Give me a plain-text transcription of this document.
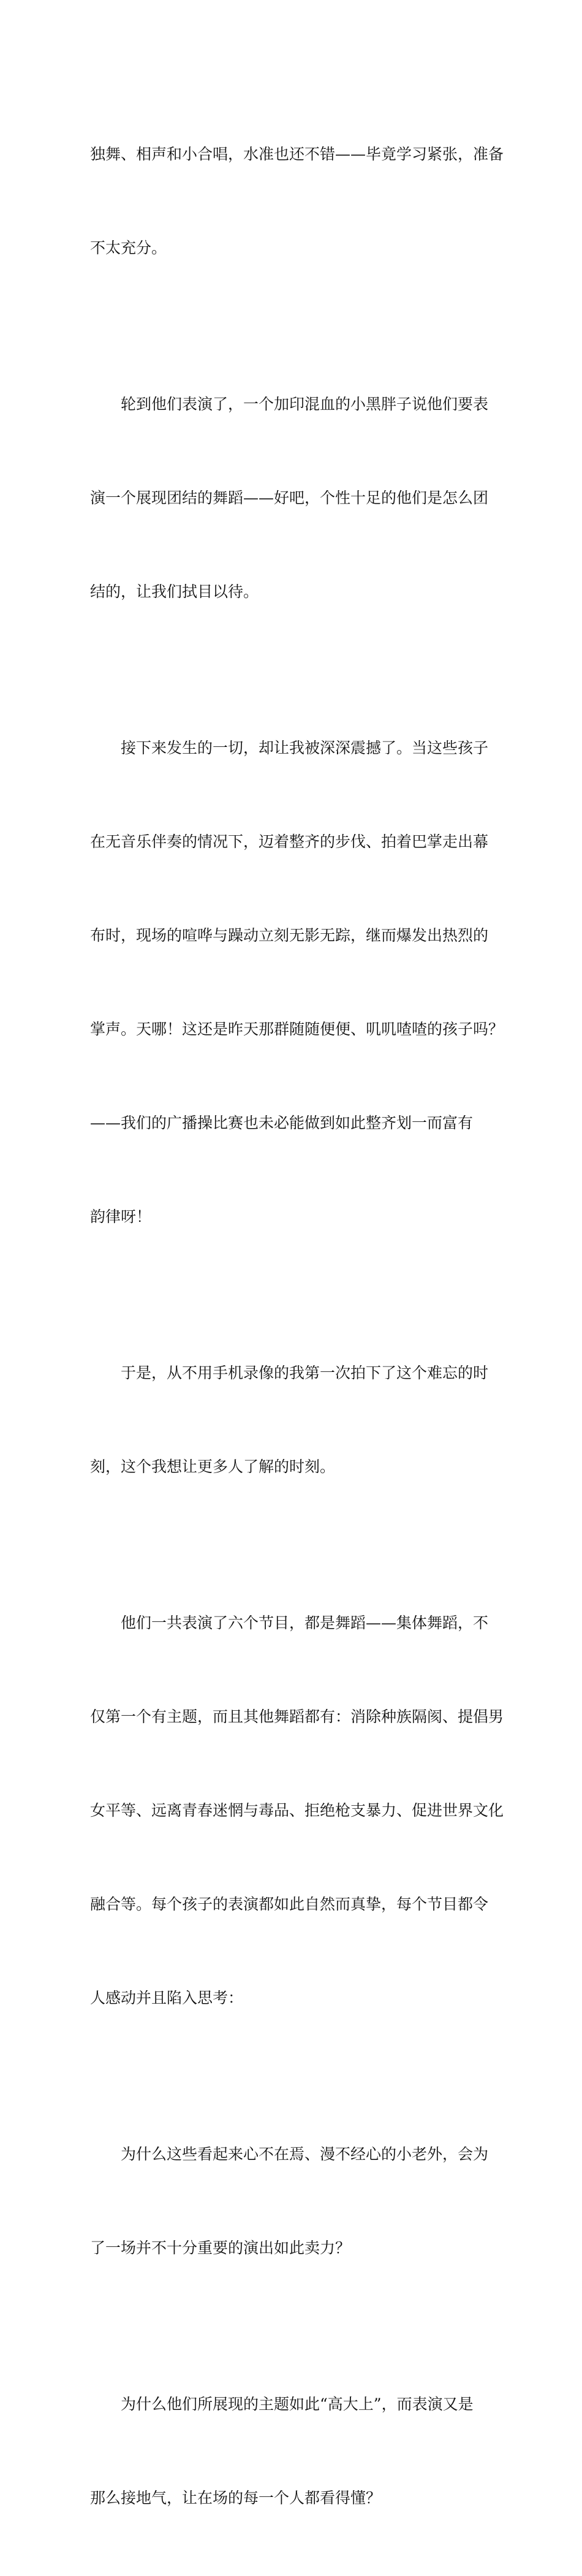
独舞、相声和小合唱，水准也还不错——毕竟学习紧张，准备

不太充分。

轮到他们表演了，一个加印混血的小黑胖子说他们要表

演一个展现团结的舞蹈——好吧，个性十足的他们是怎么团

结的，让我们拭目以待。

接下来发生的一切，却让我被深深震撼了。当这些孩子

在无音乐伴奏的情况下，迈着整齐的步伐、拍着巴掌走出幕

布时，现场的喧哗与躁动立刻无影无踪，继而爆发出热烈的

掌声。天哪！这还是昨天那群随随便便、叽叽喳喳的孩子吗？

——我们的广播操比赛也未必能做到如此整齐划一而富有

韵律呀！

于是，从不用手机录像的我第一次拍下了这个难忘的时

刻，这个我想让更多人了解的时刻。

他们一共表演了六个节目，都是舞蹈——集体舞蹈，不

仅第一个有主题，而且其他舞蹈都有：消除种族隔阂、提倡男

女平等、远离青春迷惘与毒品、拒绝枪支暴力、促进世界文化

融合等。每个孩子的表演都如此自然而真挚，每个节目都令

人感动并且陷入思考：

为什么这些看起来心不在焉、漫不经心的小老外，会为

了一场并不十分重要的演出如此卖力？

为什么他们所展现的主题如此“高大上”，而表演又是

那么接地气，让在场的每一个人都看得懂？
